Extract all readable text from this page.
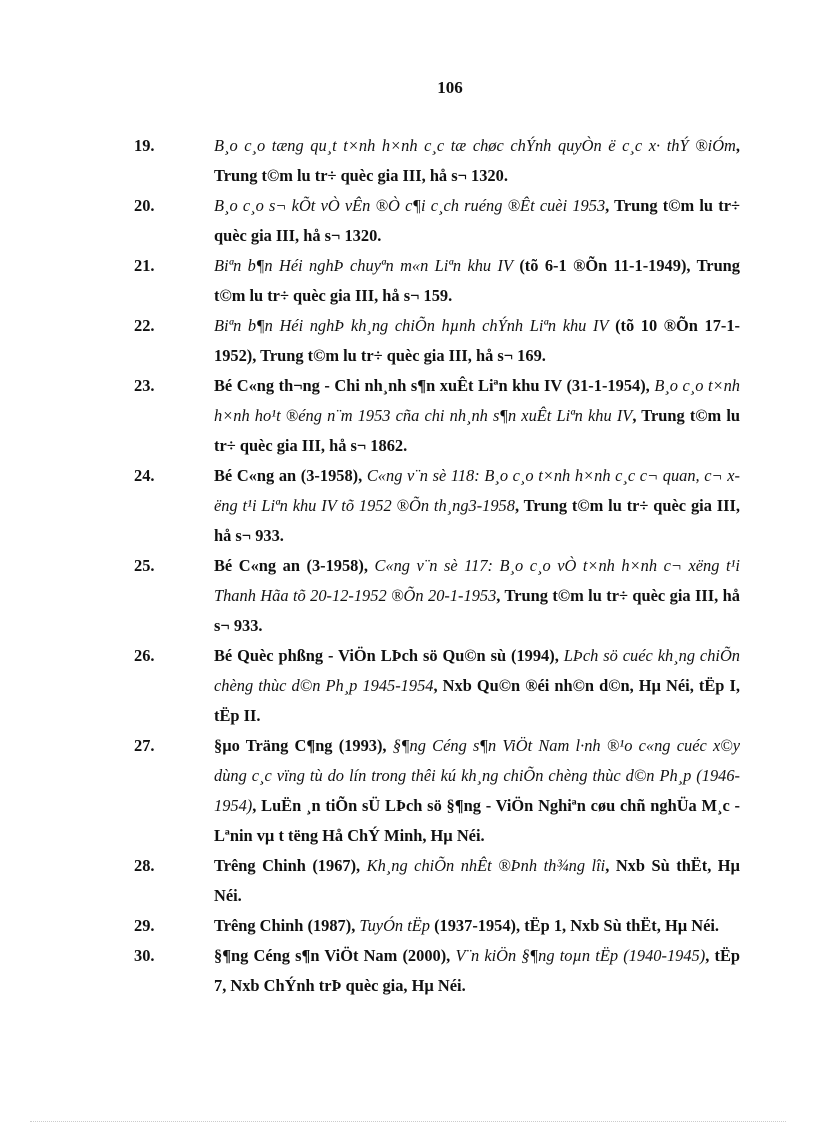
106
19.	B¸o c¸o tæng qu¸t t×nh h×nh c¸c tæ chøc chÝnh quyÒn ë c¸c x· thÝ ®iÓm, Trung t©m lu tr÷ quèc gia III, hå s¬ 1320.
20.	B¸o c¸o s¬ kÕt vÒ vÊn ®Ò c¶i c¸ch ruéng ®Êt cuèi 1953, Trung t©m lu tr÷ quèc gia III, hå s¬ 1320.
21.	Biªn b¶n Héi nghÞ chuyªn m«n Liªn khu IV (tõ 6-1 ®Õn 11-1-1949), Trung t©m lu tr÷ quèc gia III, hå s¬ 159.
22.	Biªn b¶n Héi nghÞ kh¸ng chiÕn hµnh chÝnh Liªn khu IV (tõ 10 ®Õn 17-1-1952), Trung t©m lu tr÷ quèc gia III, hå s¬ 169.
23.	Bé C«ng th¬ng - Chi nh¸nh s¶n xuÊt Liªn khu IV (31-1-1954), B¸o c¸o t×nh h×nh ho¹t ®éng n¨m 1953 cña chi nh¸nh s¶n xuÊt Liªn khu IV, Trung t©m lu tr÷ quèc gia III, hå s¬ 1862.
24.	Bé C«ng an (3-1958), C«ng v¨n sè 118: B¸o c¸o t×nh h×nh c¸c c¬ quan, c¬ xëng t¹i Liªn khu IV tõ 1952 ®Õn th¸ng3-1958, Trung t©m lu tr÷ quèc gia III, hå s¬ 933.
25.	Bé C«ng an (3-1958), C«ng v¨n sè 117: B¸o c¸o vÒ t×nh h×nh c¬ xëng t¹i Thanh Hãa tõ 20-12-1952 ®Õn 20-1-1953, Trung t©m lu tr÷ quèc gia III, hå s¬ 933.
26.	Bé Quèc phßng - ViÖn LÞch sö Qu©n sù (1994), LÞch sö cuéc kh¸ng chiÕn chèng thùc d©n Ph¸p 1945-1954, Nxb Qu©n ®éi nh©n d©n, Hµ Néi, tËp I, tËp II.
27.	§µo Träng C¶ng (1993), §¶ng Céng s¶n ViÖt Nam l·nh ®¹o c«ng cuéc x©y dùng c¸c vïng tù do lín trong thêi kú kh¸ng chiÕn chèng thùc d©n Ph¸p (1946-1954), LuËn ¸n tiÕn sÜ LÞch sö §¶ng - ViÖn Nghiªn cøu chñ nghÜa M¸c - Lªnin vµ t tëng Hå ChÝ Minh, Hµ Néi.
28.	Trêng Chinh (1967), Kh¸ng chiÕn nhÊt ®Þnh th¾ng lîi, Nxb Sù thËt, Hµ Néi.
29.	Trêng Chinh (1987), TuyÓn tËp (1937-1954), tËp 1, Nxb Sù thËt, Hµ Néi.
30.	§¶ng Céng s¶n ViÖt Nam (2000), V¨n kiÖn §¶ng toµn tËp (1940-1945), tËp 7, Nxb ChÝnh trÞ quèc gia, Hµ Néi.
